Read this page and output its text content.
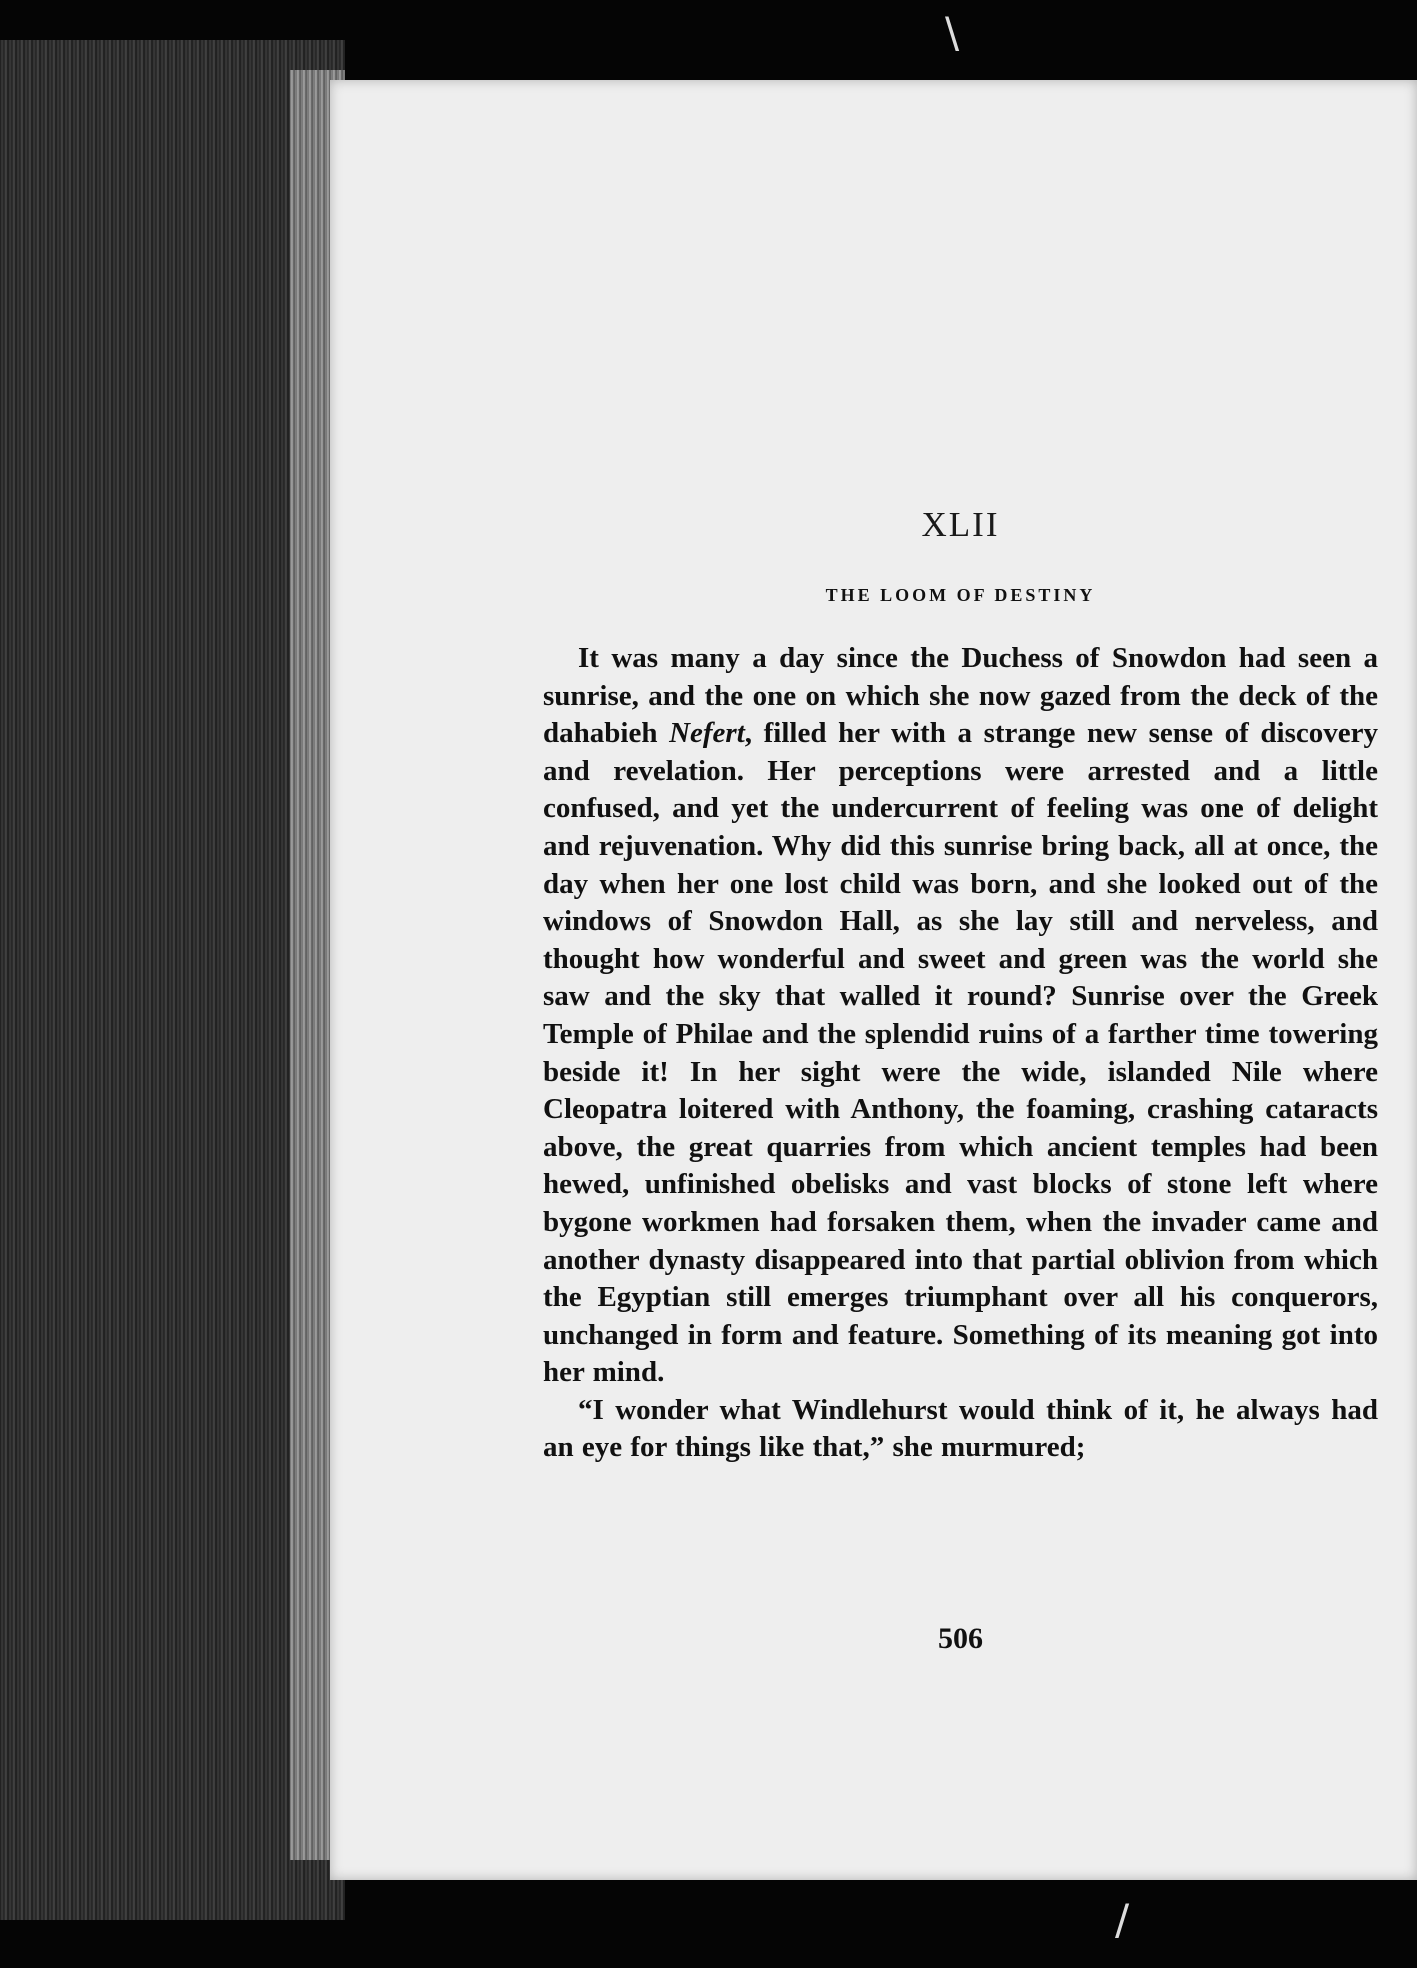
\
/
XLII
THE LOOM OF DESTINY

It was many a day since the Duchess of Snowdon had seen a sunrise, and the one on which she now gazed from the deck of the dahabieh Nefert, filled her with a strange new sense of discovery and revelation. Her perceptions were arrested and a little confused, and yet the undercurrent of feeling was one of delight and rejuvenation. Why did this sunrise bring back, all at once, the day when her one lost child was born, and she looked out of the windows of Snowdon Hall, as she lay still and nerveless, and thought how wonderful and sweet and green was the world she saw and the sky that walled it round? Sunrise over the Greek Temple of Philae and the splendid ruins of a farther time towering beside it! In her sight were the wide, islanded Nile where Cleopatra loitered with Anthony, the foaming, crashing cataracts above, the great quarries from which ancient temples had been hewed, unfinished obelisks and vast blocks of stone left where bygone workmen had forsaken them, when the invader came and another dynasty disappeared into that partial oblivion from which the Egyptian still emerges triumphant over all his conquerors, unchanged in form and feature. Something of its meaning got into her mind.

“I wonder what Windlehurst would think of it, he always had an eye for things like that,” she murmured;

506
